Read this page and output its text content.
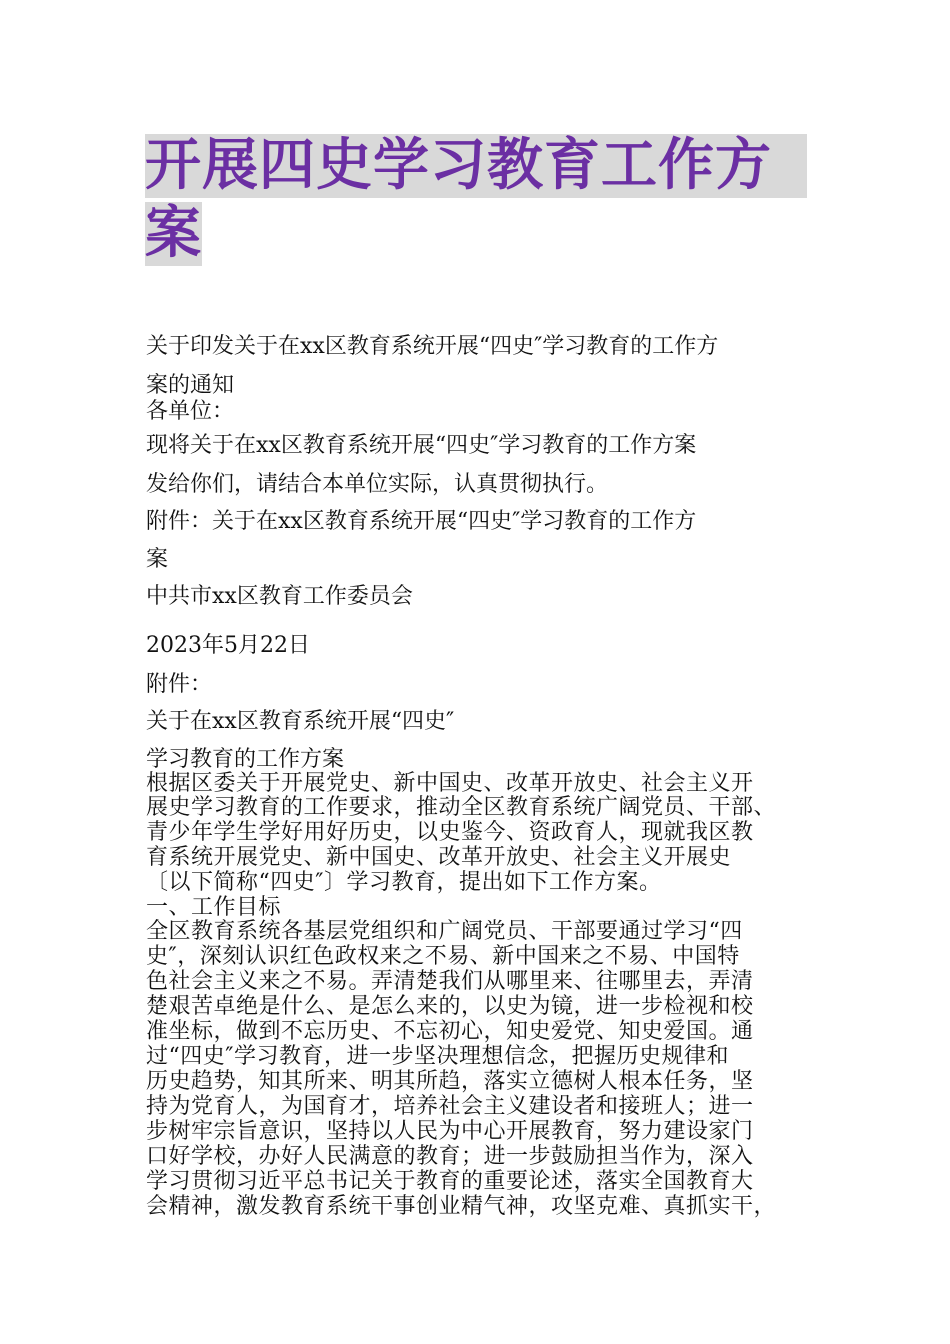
开展四史学习教育工作方
案
关于印发关于在xx区教育系统开展“四史″学习教育的工作方
案的通知
各单位：
现将关于在xx区教育系统开展“四史″学习教育的工作方案
发给你们，请结合本单位实际，认真贯彻执行。
附件：关于在xx区教育系统开展“四史″学习教育的工作方
案
中共市xx区教育工作委员会
2023年5月22日
附件：
关于在xx区教育系统开展“四史″
学习教育的工作方案
根据区委关于开展党史、新中国史、改革开放史、社会主义开
展史学习教育的工作要求，推动全区教育系统广阔党员、干部、
青少年学生学好用好历史，以史鉴今、资政育人，现就我区教
育系统开展党史、新中国史、改革开放史、社会主义开展史
〔以下简称“四史″〕学习教育，提出如下工作方案。
一、工作目标
全区教育系统各基层党组织和广阔党员、干部要通过学习“四
史″，深刻认识红色政权来之不易、新中国来之不易、中国特
色社会主义来之不易。弄清楚我们从哪里来、往哪里去，弄清
楚艰苦卓绝是什么、是怎么来的，以史为镜，进一步检视和校
准坐标，做到不忘历史、不忘初心，知史爱党、知史爱国。通
过“四史″学习教育，进一步坚决理想信念，把握历史规律和
历史趋势，知其所来、明其所趋，落实立德树人根本任务，坚
持为党育人，为国育才，培养社会主义建设者和接班人；进一
步树牢宗旨意识，坚持以人民为中心开展教育，努力建设家门
口好学校，办好人民满意的教育；进一步鼓励担当作为，深入
学习贯彻习近平总书记关于教育的重要论述，落实全国教育大
会精神，激发教育系统干事创业精气神，攻坚克难、真抓实干，
